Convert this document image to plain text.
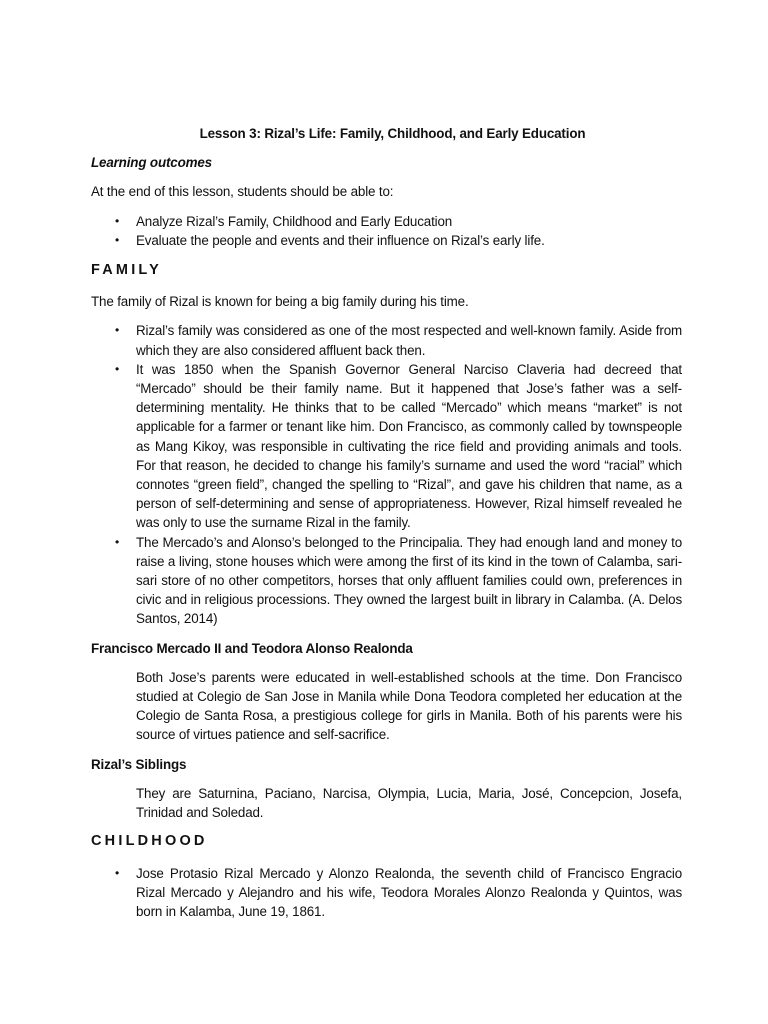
Lesson 3: Rizal’s Life: Family, Childhood, and Early Education

Learning outcomes

At the end of this lesson, students should be able to:

• Analyze Rizal’s Family, Childhood and Early Education
• Evaluate the people and events and their influence on Rizal’s early life.

FAMILY

The family of Rizal is known for being a big family during his time.

• Rizal’s family was considered as one of the most respected and well-known family. Aside from which they are also considered affluent back then.
• It was 1850 when the Spanish Governor General Narciso Claveria had decreed that “Mercado” should be their family name. But it happened that Jose’s father was a self-determining mentality. He thinks that to be called “Mercado” which means “market” is not applicable for a farmer or tenant like him. Don Francisco, as commonly called by townspeople as Mang Kikoy, was responsible in cultivating the rice field and providing animals and tools. For that reason, he decided to change his family’s surname and used the word “racial” which connotes “green field”, changed the spelling to “Rizal”, and gave his children that name, as a person of self-determining and sense of appropriateness. However, Rizal himself revealed he was only to use the surname Rizal in the family.
• The Mercado’s and Alonso’s belonged to the Principalia. They had enough land and money to raise a living, stone houses which were among the first of its kind in the town of Calamba, sari-sari store of no other competitors, horses that only affluent families could own, preferences in civic and in religious processions. They owned the largest built in library in Calamba. (A. Delos Santos, 2014)

Francisco Mercado II and Teodora Alonso Realonda

Both Jose’s parents were educated in well-established schools at the time. Don Francisco studied at Colegio de San Jose in Manila while Dona Teodora completed her education at the Colegio de Santa Rosa, a prestigious college for girls in Manila. Both of his parents were his source of virtues patience and self-sacrifice.

Rizal’s Siblings

They are Saturnina, Paciano, Narcisa, Olympia, Lucia, Maria, José, Concepcion, Josefa, Trinidad and Soledad.

CHILDHOOD

• Jose Protasio Rizal Mercado y Alonzo Realonda, the seventh child of Francisco Engracio Rizal Mercado y Alejandro and his wife, Teodora Morales Alonzo Realonda y Quintos, was born in Kalamba, June 19, 1861.
